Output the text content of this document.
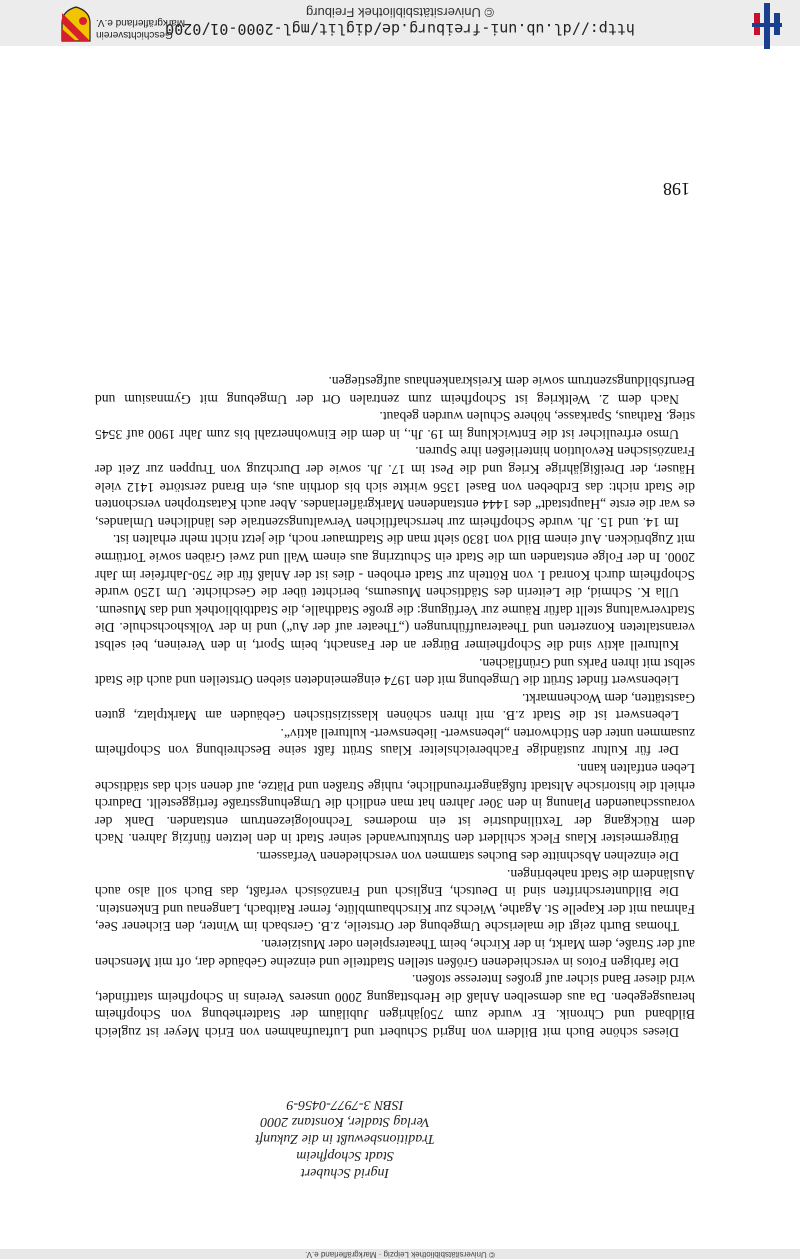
© Universitätsbibliothek Leipzig · Markgräflerland e.V.
http://dl.ub.uni-freiburg.de/diglit/mgl-2000-01/0200
© Universitätsbibliothek Freiburg
Geschichtsverein Markgräflerland e.V.
Ingrid Schubert
Stadt Schopfheim
Traditionsbewußt in die Zukunft
Verlag Stadler, Konstanz 2000
ISBN 3-7977-0456-9

Dieses schöne Buch mit Bildern von Ingrid Schubert und Luftaufnahmen von Erich Meyer ist zugleich Bildband und Chronik. Er wurde zum 750jährigen Jubiläum der Stadterhebung von Schopfheim herausgegeben. Da aus demselben Anlaß die Herbsttagung 2000 unseres Vereins in Schopfheim stattfindet, wird dieser Band sicher auf großes Interesse stoßen.

Die farbigen Fotos in verschiedenen Größen stellen Stadtteile und einzelne Gebäude dar, oft mit Menschen auf der Straße, dem Markt, in der Kirche, beim Theaterspielen oder Musizieren.

Thomas Burth zeigt die malerische Umgebung der Ortsteile, z.B. Gersbach im Winter, den Eichener See, Fahrnau mit der Kapelle St. Agathe, Wiechs zur Kirschbaumblüte, ferner Raitbach, Langenau und Enkenstein.

Die Bildunterschriften sind in Deutsch, Englisch und Französisch verfaßt, das Buch soll also auch Ausländern die Stadt nahebringen.

Die einzelnen Abschnitte des Buches stammen von verschiedenen Verfassern.

Bürgermeister Klaus Fleck schildert den Strukturwandel seiner Stadt in den letzten fünfzig Jahren. Nach dem Rückgang der Textilindustrie ist ein modernes Technologiezentrum entstanden. Dank der vorausschauenden Planung in den 30er Jahren hat man endlich die Umgehungsstraße fertiggestellt. Dadurch erhielt die historische Altstadt fußgängerfreundliche, ruhige Straßen und Plätze, auf denen sich das städtische Leben entfalten kann.

Der für Kultur zuständige Fachbereichsleiter Klaus Strütt faßt seine Beschreibung von Schopfheim zusammen unter den Stichworten „lebenswert- liebenswert- kulturell aktiv“.

Lebenswert ist die Stadt z.B. mit ihren schönen klassizistischen Gebäuden am Marktplatz, guten Gaststätten, dem Wochenmarkt.

Liebenswert findet Strütt die Umgebung mit den 1974 eingemeindeten sieben Ortsteilen und auch die Stadt selbst mit ihren Parks und Grünflächen.

Kulturell aktiv sind die Schopfheimer Bürger an der Fasnacht, beim Sport, in den Vereinen, bei selbst veranstalteten Konzerten und Theateraufführungen („Theater auf der Au“) und in der Volkshochschule. Die Stadtverwaltung stellt dafür Räume zur Verfügung: die große Stadthalle, die Stadtbibliothek und das Museum.

Ulla K. Schmid, die Leiterin des Städtischen Museums, berichtet über die Geschichte. Um 1250 wurde Schopfheim durch Konrad I. von Rötteln zur Stadt erhoben - dies ist der Anlaß für die 750-Jahrfeier im Jahr 2000. In der Folge entstanden um die Stadt ein Schutzring aus einem Wall und zwei Gräben sowie Tortürme mit Zugbrücken. Auf einem Bild von 1830 sieht man die Stadtmauer noch, die jetzt nicht mehr erhalten ist.

Im 14. und 15. Jh. wurde Schopfheim zur herrschaftlichen Verwaltungszentrale des ländlichen Umlandes, es war die erste „Hauptstadt“ des 1444 entstandenen Markgräflerlandes. Aber auch Katastrophen verschonten die Stadt nicht: das Erdbeben von Basel 1356 wirkte sich bis dorthin aus, ein Brand zerstörte 1412 viele Häuser, der Dreißigjährige Krieg und die Pest im 17. Jh. sowie der Durchzug von Truppen zur Zeit der Französischen Revolution hinterließen ihre Spuren.

Umso erfreulicher ist die Entwicklung im 19. Jh., in dem die Einwohnerzahl bis zum Jahr 1900 auf 3545 stieg. Rathaus, Sparkasse, höhere Schulen wurden gebaut.

Nach dem 2. Weltkrieg ist Schopfheim zum zentralen Ort der Umgebung mit Gymnasium und Berufsbildungszentrum sowie dem Kreiskrankenhaus aufgestiegen.

198
